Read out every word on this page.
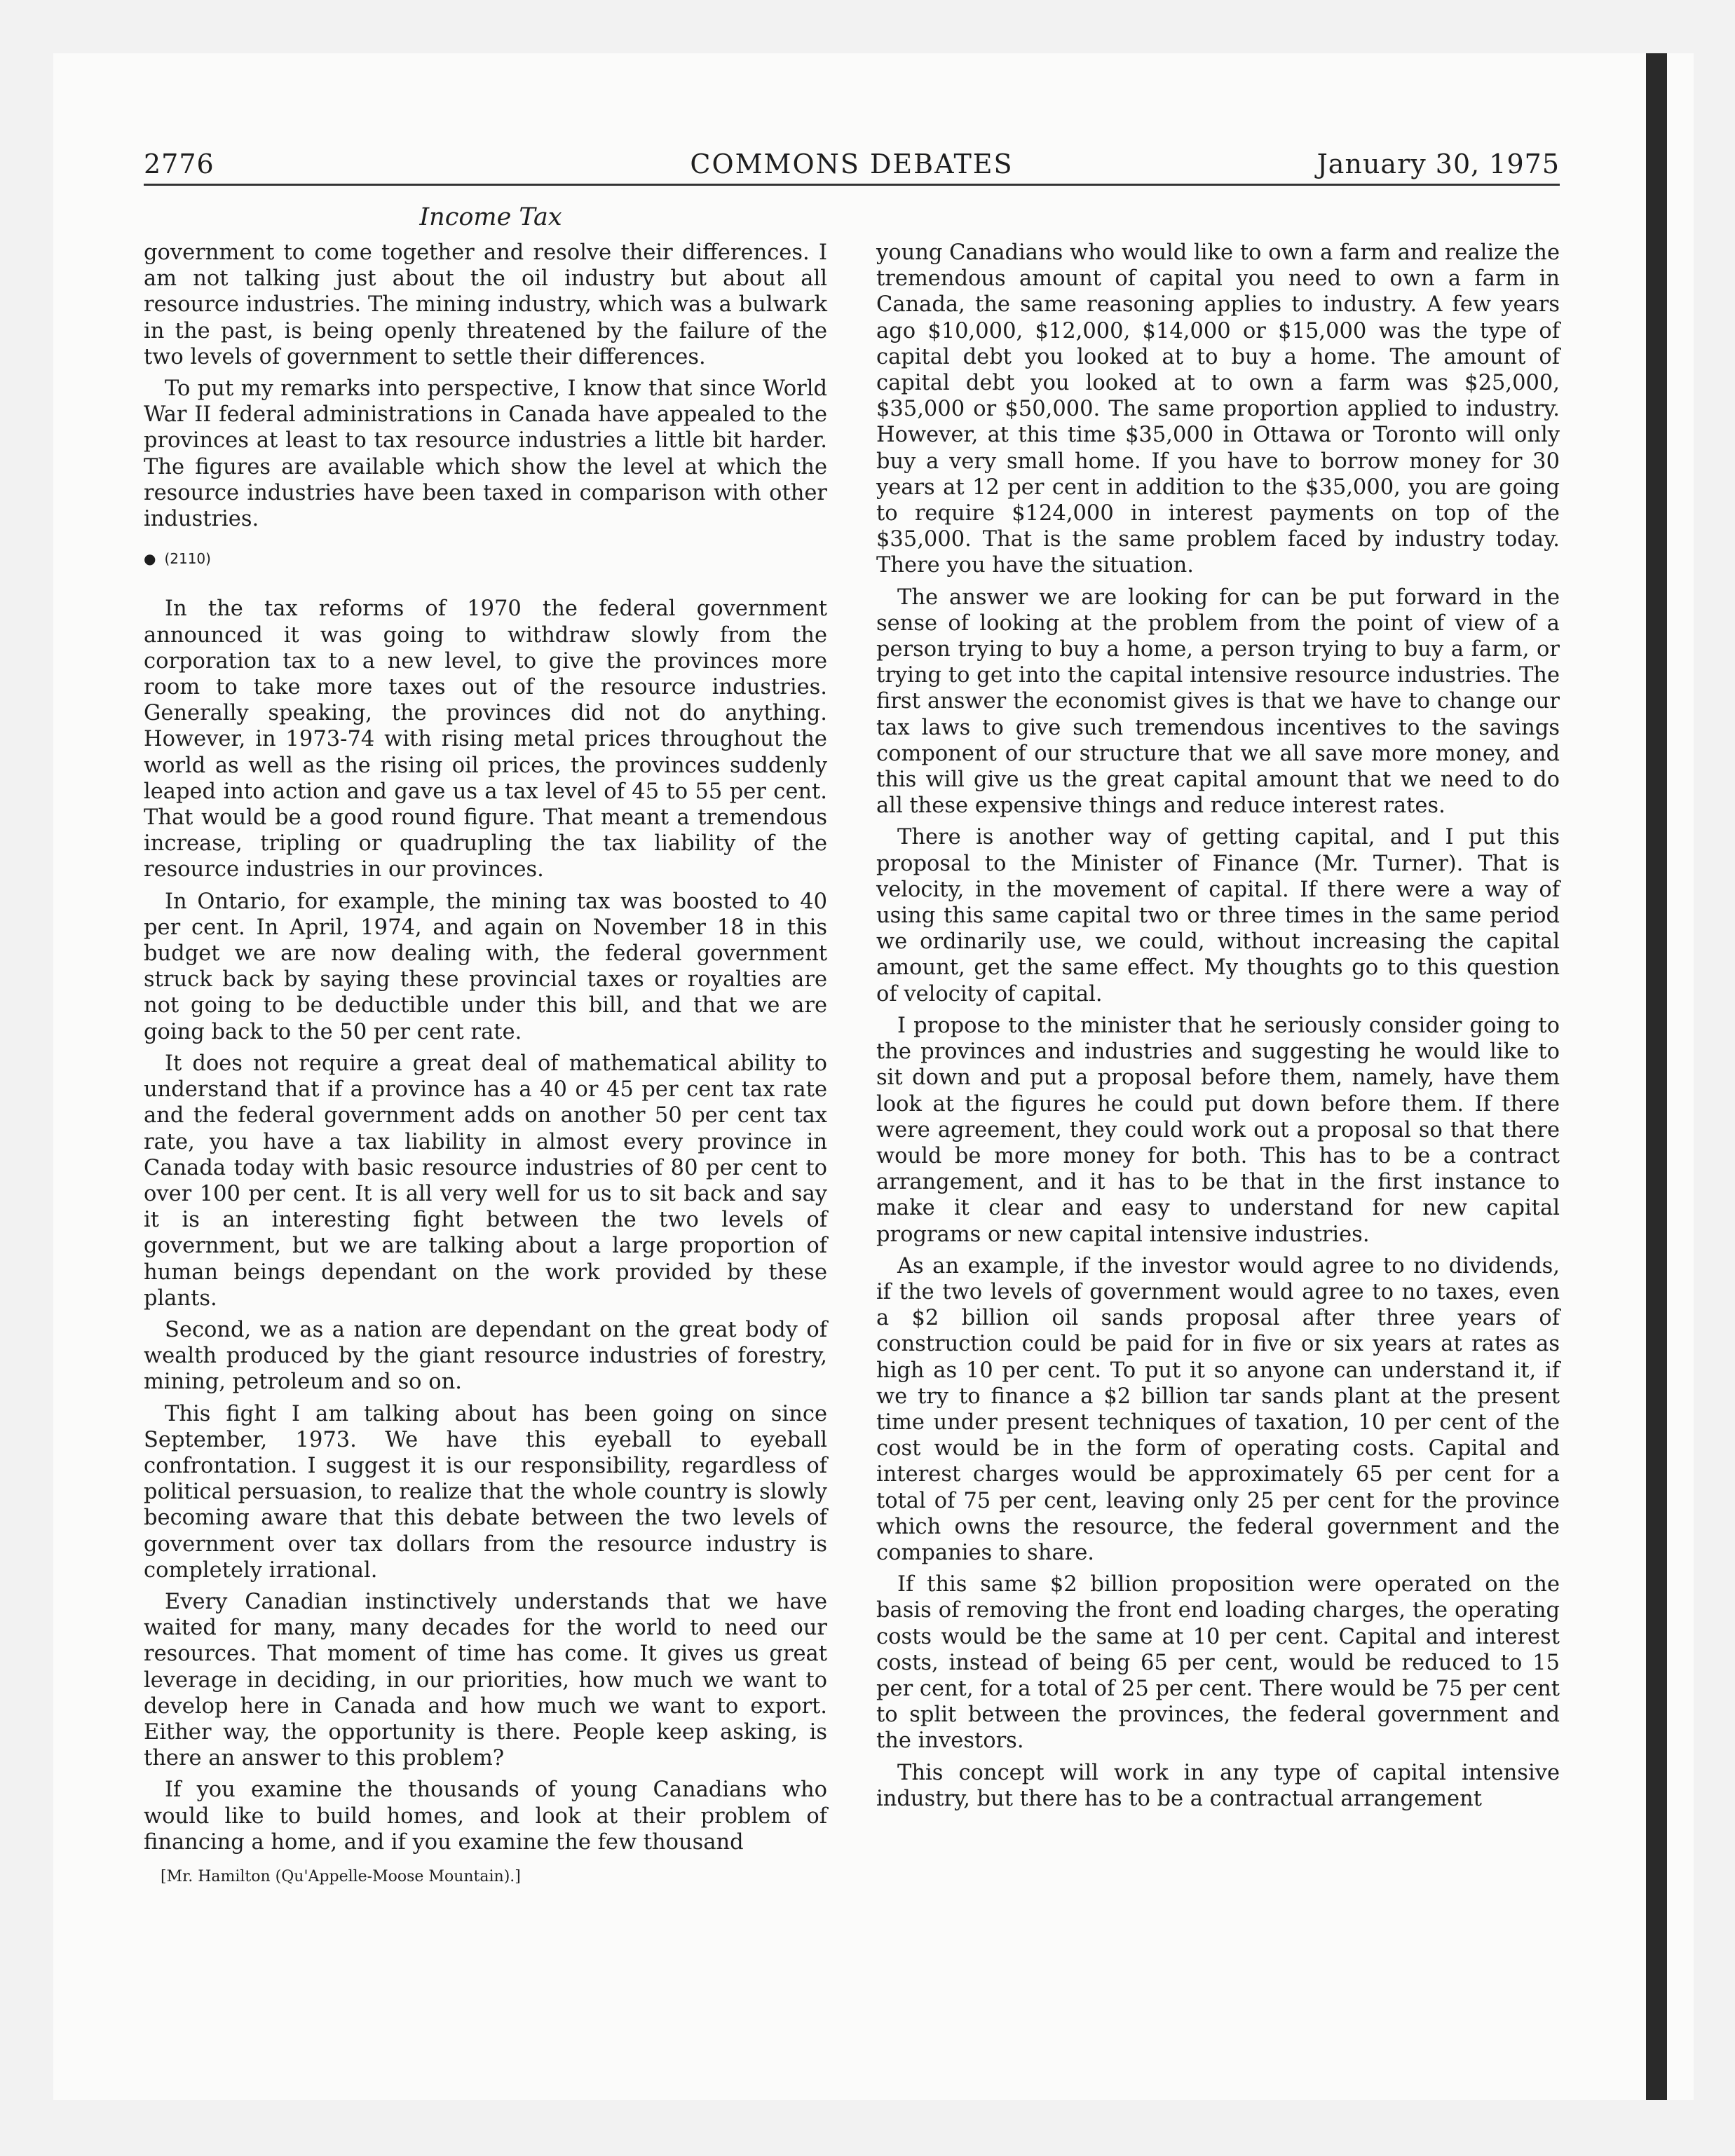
2776	COMMONS DEBATES	January 30, 1975
Income Tax

government to come together and resolve their differences. I am not talking just about the oil industry but about all resource industries. The mining industry, which was a bulwark in the past, is being openly threatened by the failure of the two levels of government to settle their differences.

To put my remarks into perspective, I know that since World War II federal administrations in Canada have appealed to the provinces at least to tax resource industries a little bit harder. The figures are available which show the level at which the resource industries have been taxed in comparison with other industries.

● (2110)

In the tax reforms of 1970 the federal government announced it was going to withdraw slowly from the corporation tax to a new level, to give the provinces more room to take more taxes out of the resource industries. Generally speaking, the provinces did not do anything. However, in 1973-74 with rising metal prices throughout the world as well as the rising oil prices, the provinces suddenly leaped into action and gave us a tax level of 45 to 55 per cent. That would be a good round figure. That meant a tremendous increase, tripling or quadrupling the tax liability of the resource industries in our provinces.

In Ontario, for example, the mining tax was boosted to 40 per cent. In April, 1974, and again on November 18 in this budget we are now dealing with, the federal government struck back by saying these provincial taxes or royalties are not going to be deductible under this bill, and that we are going back to the 50 per cent rate.

It does not require a great deal of mathematical ability to understand that if a province has a 40 or 45 per cent tax rate and the federal government adds on another 50 per cent tax rate, you have a tax liability in almost every province in Canada today with basic resource industries of 80 per cent to over 100 per cent. It is all very well for us to sit back and say it is an interesting fight between the two levels of government, but we are talking about a large proportion of human beings dependant on the work provided by these plants.

Second, we as a nation are dependant on the great body of wealth produced by the giant resource industries of forestry, mining, petroleum and so on.

This fight I am talking about has been going on since September, 1973. We have this eyeball to eyeball confrontation. I suggest it is our responsibility, regardless of political persuasion, to realize that the whole country is slowly becoming aware that this debate between the two levels of government over tax dollars from the resource industry is completely irrational.

Every Canadian instinctively understands that we have waited for many, many decades for the world to need our resources. That moment of time has come. It gives us great leverage in deciding, in our priorities, how much we want to develop here in Canada and how much we want to export. Either way, the opportunity is there. People keep asking, is there an answer to this problem?

If you examine the thousands of young Canadians who would like to build homes, and look at their problem of financing a home, and if you examine the few thousand

[Mr. Hamilton (Qu'Appelle-Moose Mountain).]

young Canadians who would like to own a farm and realize the tremendous amount of capital you need to own a farm in Canada, the same reasoning applies to industry. A few years ago $10,000, $12,000, $14,000 or $15,000 was the type of capital debt you looked at to buy a home. The amount of capital debt you looked at to own a farm was $25,000, $35,000 or $50,000. The same proportion applied to industry. However, at this time $35,000 in Ottawa or Toronto will only buy a very small home. If you have to borrow money for 30 years at 12 per cent in addition to the $35,000, you are going to require $124,000 in interest payments on top of the $35,000. That is the same problem faced by industry today. There you have the situation.

The answer we are looking for can be put forward in the sense of looking at the problem from the point of view of a person trying to buy a home, a person trying to buy a farm, or trying to get into the capital intensive resource industries. The first answer the economist gives is that we have to change our tax laws to give such tremendous incentives to the savings component of our structure that we all save more money, and this will give us the great capital amount that we need to do all these expensive things and reduce interest rates.

There is another way of getting capital, and I put this proposal to the Minister of Finance (Mr. Turner). That is velocity, in the movement of capital. If there were a way of using this same capital two or three times in the same period we ordinarily use, we could, without increasing the capital amount, get the same effect. My thoughts go to this question of velocity of capital.

I propose to the minister that he seriously consider going to the provinces and industries and suggesting he would like to sit down and put a proposal before them, namely, have them look at the figures he could put down before them. If there were agreement, they could work out a proposal so that there would be more money for both. This has to be a contract arrangement, and it has to be that in the first instance to make it clear and easy to understand for new capital programs or new capital intensive industries.

As an example, if the investor would agree to no dividends, if the two levels of government would agree to no taxes, even a $2 billion oil sands proposal after three years of construction could be paid for in five or six years at rates as high as 10 per cent. To put it so anyone can understand it, if we try to finance a $2 billion tar sands plant at the present time under present techniques of taxation, 10 per cent of the cost would be in the form of operating costs. Capital and interest charges would be approximately 65 per cent for a total of 75 per cent, leaving only 25 per cent for the province which owns the resource, the federal government and the companies to share.

If this same $2 billion proposition were operated on the basis of removing the front end loading charges, the operating costs would be the same at 10 per cent. Capital and interest costs, instead of being 65 per cent, would be reduced to 15 per cent, for a total of 25 per cent. There would be 75 per cent to split between the provinces, the federal government and the investors.

This concept will work in any type of capital intensive industry, but there has to be a contractual arrangement
